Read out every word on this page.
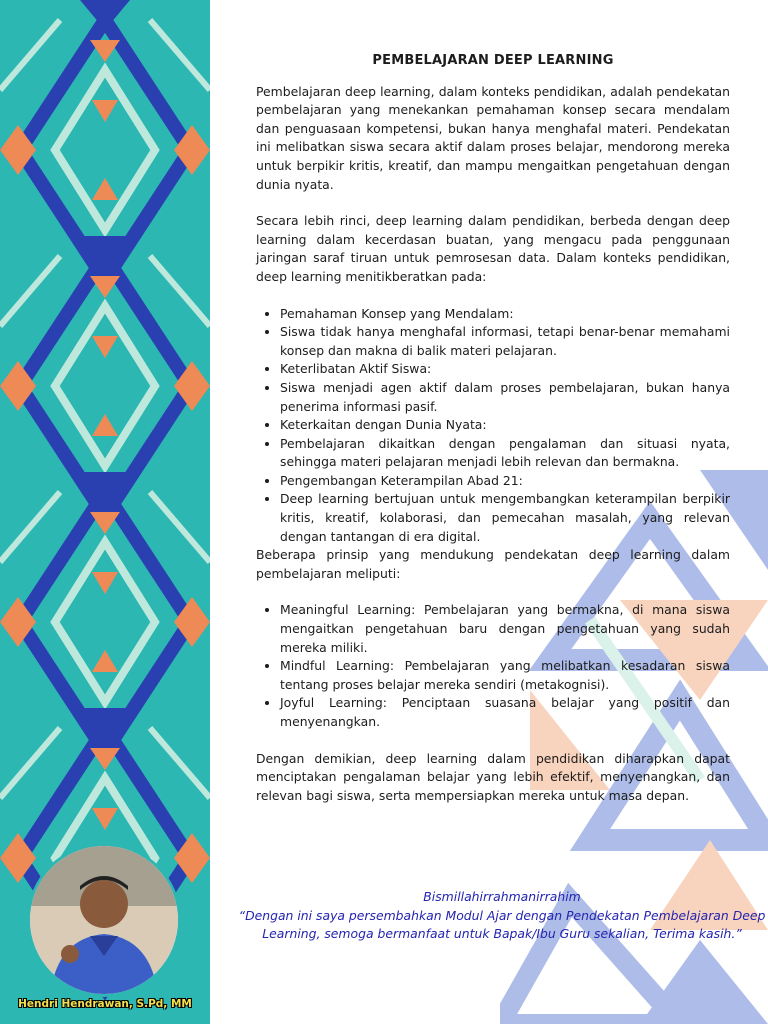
PEMBELAJARAN DEEP LEARNING

Pembelajaran deep learning, dalam konteks pendidikan, adalah pendekatan pembelajaran yang menekankan pemahaman konsep secara mendalam dan penguasaan kompetensi, bukan hanya menghafal materi. Pendekatan ini melibatkan siswa secara aktif dalam proses belajar, mendorong mereka untuk berpikir kritis, kreatif, dan mampu mengaitkan pengetahuan dengan dunia nyata.

Secara lebih rinci, deep learning dalam pendidikan, berbeda dengan deep learning dalam kecerdasan buatan, yang mengacu pada penggunaan jaringan saraf tiruan untuk pemrosesan data. Dalam konteks pendidikan, deep learning menitikberatkan pada:

• Pemahaman Konsep yang Mendalam:
• Siswa tidak hanya menghafal informasi, tetapi benar-benar memahami konsep dan makna di balik materi pelajaran.
• Keterlibatan Aktif Siswa:
• Siswa menjadi agen aktif dalam proses pembelajaran, bukan hanya penerima informasi pasif.
• Keterkaitan dengan Dunia Nyata:
• Pembelajaran dikaitkan dengan pengalaman dan situasi nyata, sehingga materi pelajaran menjadi lebih relevan dan bermakna.
• Pengembangan Keterampilan Abad 21:
• Deep learning bertujuan untuk mengembangkan keterampilan berpikir kritis, kreatif, kolaborasi, dan pemecahan masalah, yang relevan dengan tantangan di era digital.

Beberapa prinsip yang mendukung pendekatan deep learning dalam pembelajaran meliputi:

• Meaningful Learning: Pembelajaran yang bermakna, di mana siswa mengaitkan pengetahuan baru dengan pengetahuan yang sudah mereka miliki.
• Mindful Learning: Pembelajaran yang melibatkan kesadaran siswa tentang proses belajar mereka sendiri (metakognisi).
• Joyful Learning: Penciptaan suasana belajar yang positif dan menyenangkan.

Dengan demikian, deep learning dalam pendidikan diharapkan dapat menciptakan pengalaman belajar yang lebih efektif, menyenangkan, dan relevan bagi siswa, serta mempersiapkan mereka untuk masa depan.

Hendri Hendrawan, S.Pd, MM
Bismillahirrahmanirrahim
“Dengan ini saya persembahkan Modul Ajar dengan Pendekatan Pembelajaran Deep Learning, semoga bermanfaat untuk Bapak/Ibu Guru sekalian, Terima kasih.”
